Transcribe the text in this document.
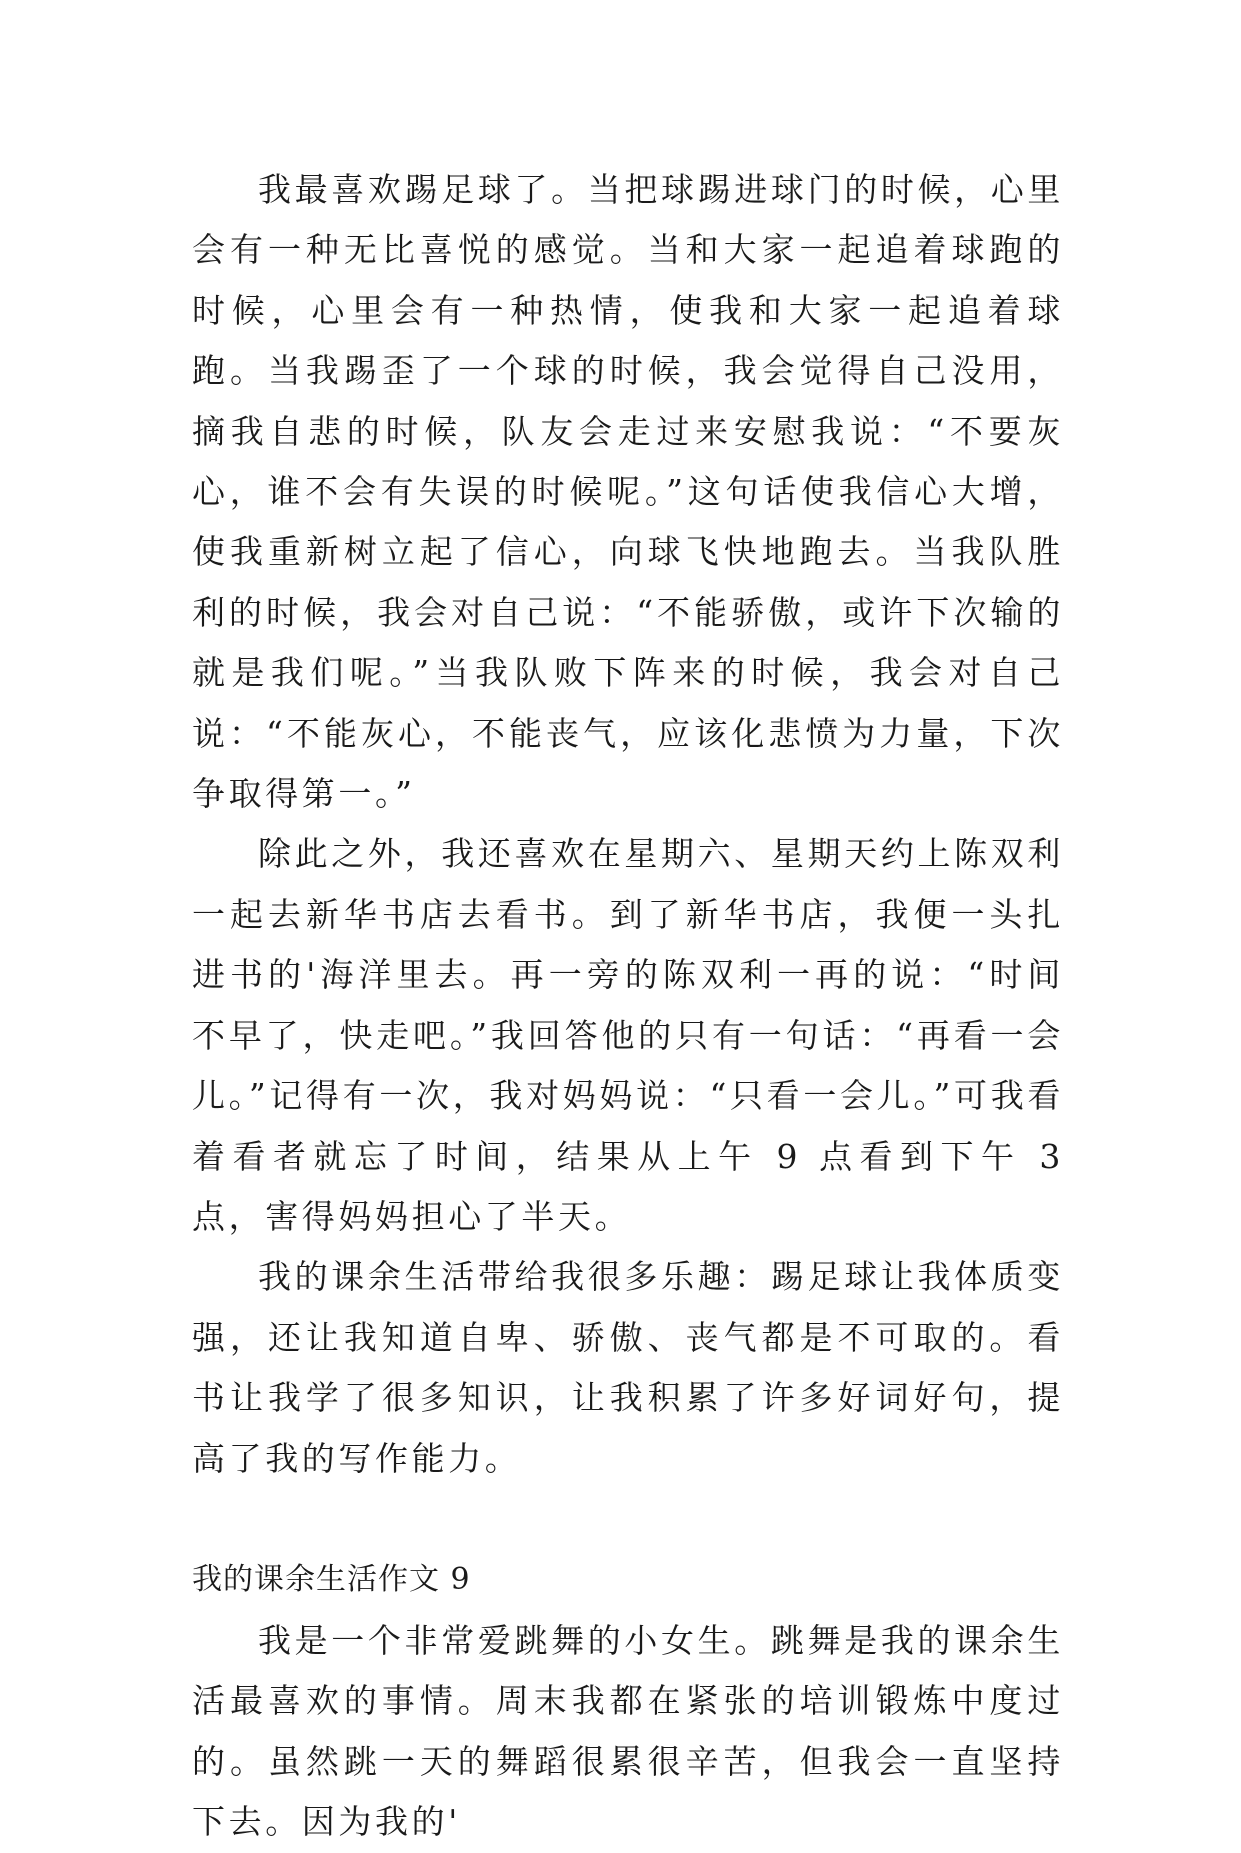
我最喜欢踢足球了。当把球踢进球门的时候，心里会有一种无比喜悦的感觉。当和大家一起追着球跑的时候，心里会有一种热情，使我和大家一起追着球跑。当我踢歪了一个球的时候，我会觉得自己没用，摘我自悲的时候，队友会走过来安慰我说：“不要灰心，谁不会有失误的时候呢。”这句话使我信心大增，使我重新树立起了信心，向球飞快地跑去。当我队胜利的时候，我会对自己说：“不能骄傲，或许下次输的就是我们呢。”当我队败下阵来的时候，我会对自己说：“不能灰心，不能丧气，应该化悲愤为力量，下次争取得第一。”

除此之外，我还喜欢在星期六、星期天约上陈双利一起去新华书店去看书。到了新华书店，我便一头扎进书的'海洋里去。再一旁的陈双利一再的说：“时间不早了，快走吧。”我回答他的只有一句话：“再看一会儿。”记得有一次，我对妈妈说：“只看一会儿。”可我看着看者就忘了时间，结果从上午 9 点看到下午 3 点，害得妈妈担心了半天。

我的课余生活带给我很多乐趣：踢足球让我体质变强，还让我知道自卑、骄傲、丧气都是不可取的。看书让我学了很多知识，让我积累了许多好词好句，提高了我的写作能力。

我的课余生活作文 9

我是一个非常爱跳舞的小女生。跳舞是我的课余生活最喜欢的事情。周末我都在紧张的培训锻炼中度过的。虽然跳一天的舞蹈很累很辛苦，但我会一直坚持下去。因为我的'
